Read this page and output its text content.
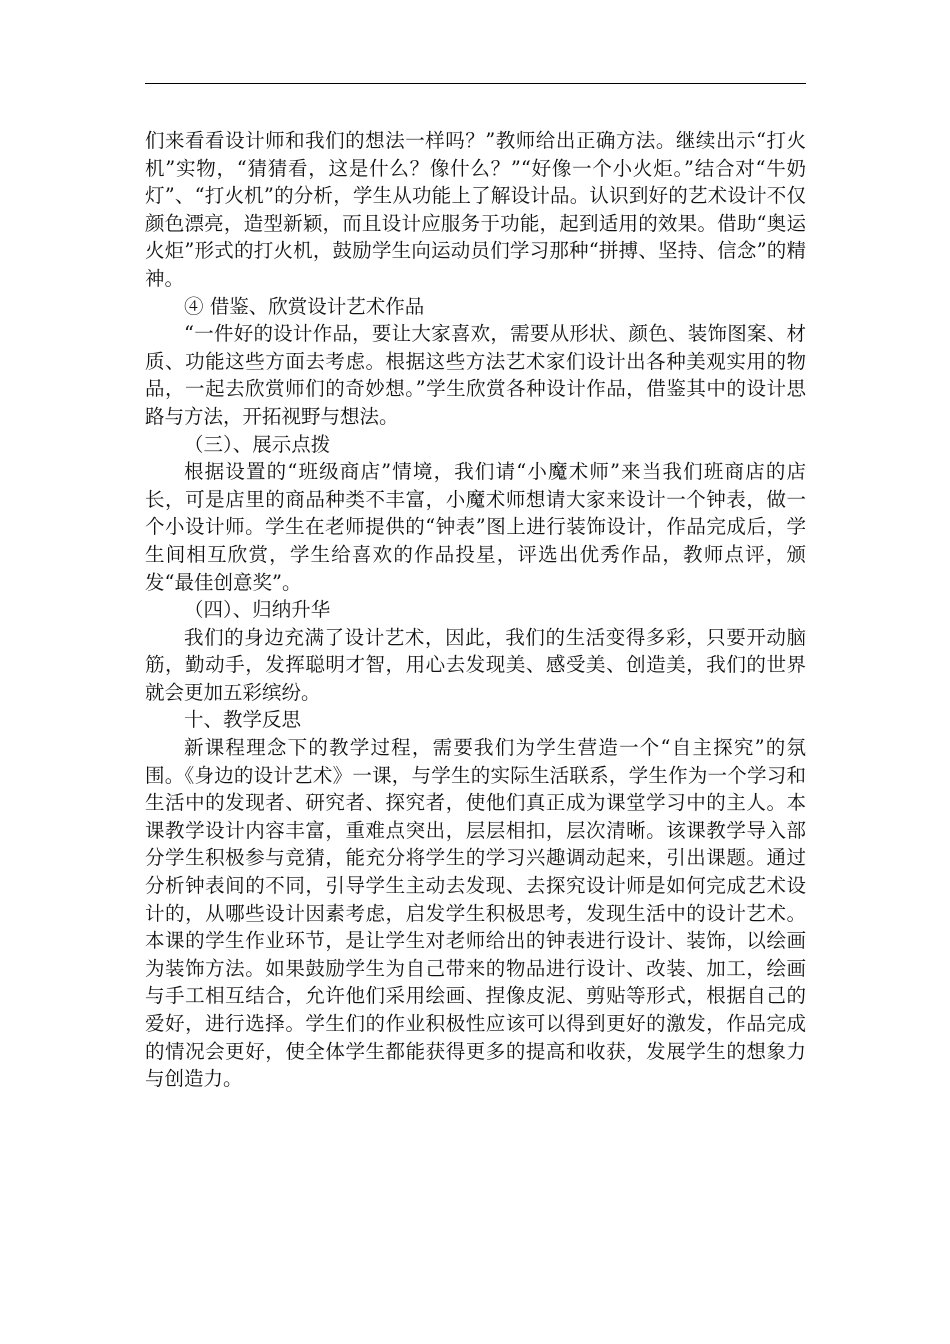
们来看看设计师和我们的想法一样吗？”教师给出正确方法。继续出示“打火机”实物，“猜猜看，这是什么？像什么？”“好像一个小火炬。”结合对“牛奶灯”、“打火机”的分析，学生从功能上了解设计品。认识到好的艺术设计不仅颜色漂亮，造型新颖，而且设计应服务于功能，起到适用的效果。借助“奥运火炬”形式的打火机，鼓励学生向运动员们学习那种“拼搏、坚持、信念”的精神。

④ 借鉴、欣赏设计艺术作品

“一件好的设计作品，要让大家喜欢，需要从形状、颜色、装饰图案、材质、功能这些方面去考虑。根据这些方法艺术家们设计出各种美观实用的物品，一起去欣赏师们的奇妙想。”学生欣赏各种设计作品，借鉴其中的设计思路与方法，开拓视野与想法。

（三）、展示点拨

根据设置的“班级商店”情境，我们请“小魔术师”来当我们班商店的店长，可是店里的商品种类不丰富，小魔术师想请大家来设计一个钟表，做一个小设计师。学生在老师提供的“钟表”图上进行装饰设计，作品完成后，学生间相互欣赏，学生给喜欢的作品投星，评选出优秀作品，教师点评，颁发“最佳创意奖”。

（四）、归纳升华

我们的身边充满了设计艺术，因此，我们的生活变得多彩，只要开动脑筋，勤动手，发挥聪明才智，用心去发现美、感受美、创造美，我们的世界就会更加五彩缤纷。

十、教学反思

新课程理念下的教学过程，需要我们为学生营造一个“自主探究”的氛围。《身边的设计艺术》一课，与学生的实际生活联系，学生作为一个学习和生活中的发现者、研究者、探究者，使他们真正成为课堂学习中的主人。本课教学设计内容丰富，重难点突出，层层相扣，层次清晰。该课教学导入部分学生积极参与竞猜，能充分将学生的学习兴趣调动起来，引出课题。通过分析钟表间的不同，引导学生主动去发现、去探究设计师是如何完成艺术设计的，从哪些设计因素考虑，启发学生积极思考，发现生活中的设计艺术。本课的学生作业环节，是让学生对老师给出的钟表进行设计、装饰，以绘画为装饰方法。如果鼓励学生为自己带来的物品进行设计、改装、加工，绘画与手工相互结合，允许他们采用绘画、捏像皮泥、剪贴等形式，根据自己的爱好，进行选择。学生们的作业积极性应该可以得到更好的激发，作品完成的情况会更好，使全体学生都能获得更多的提高和收获，发展学生的想象力与创造力。
